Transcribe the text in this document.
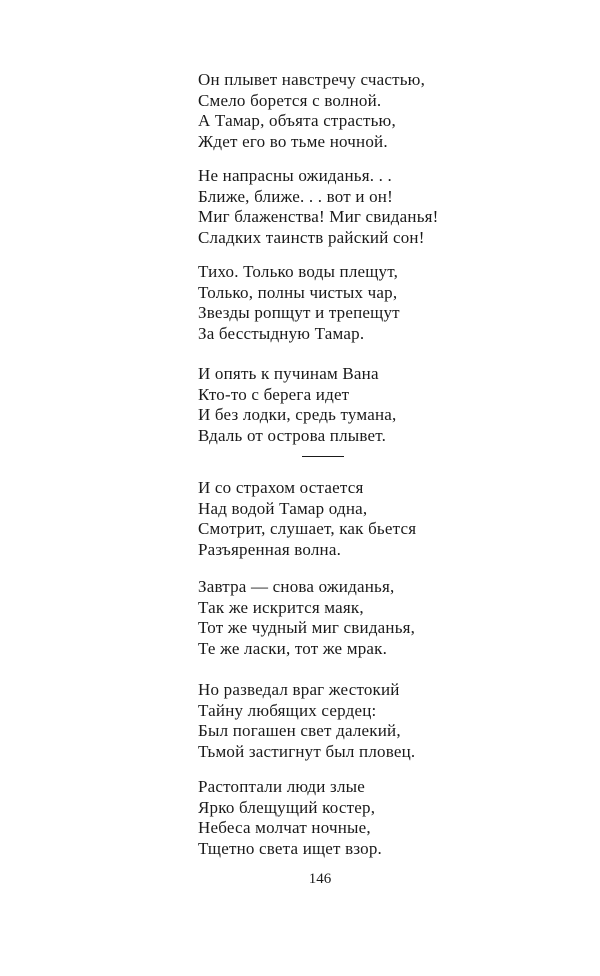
Он плывет навстречу счастью,
Смело борется с волной.
А Тамар, объята страстью,
Ждет его во тьме ночной.
Не напрасны ожиданья. . .
Ближе, ближе. . . вот и он!
Миг блаженства! Миг свиданья!
Сладких таинств райский сон!
Тихо. Только воды плещут,
Только, полны чистых чар,
Звезды ропщут и трепещут
За бесстыдную Тамар.
И опять к пучинам Вана
Кто-то с берега идет
И без лодки, средь тумана,
Вдаль от острова плывет.
И со страхом остается
Над водой Тамар одна,
Смотрит, слушает, как бьется
Разъяренная волна.
Завтра — снова ожиданья,
Так же искрится маяк,
Тот же чудный миг свиданья,
Те же ласки, тот же мрак.
Но разведал враг жестокий
Тайну любящих сердец:
Был погашен свет далекий,
Тьмой застигнут был пловец.
Растоптали люди злые
Ярко блещущий костер,
Небеса молчат ночные,
Тщетно света ищет взор.
146
